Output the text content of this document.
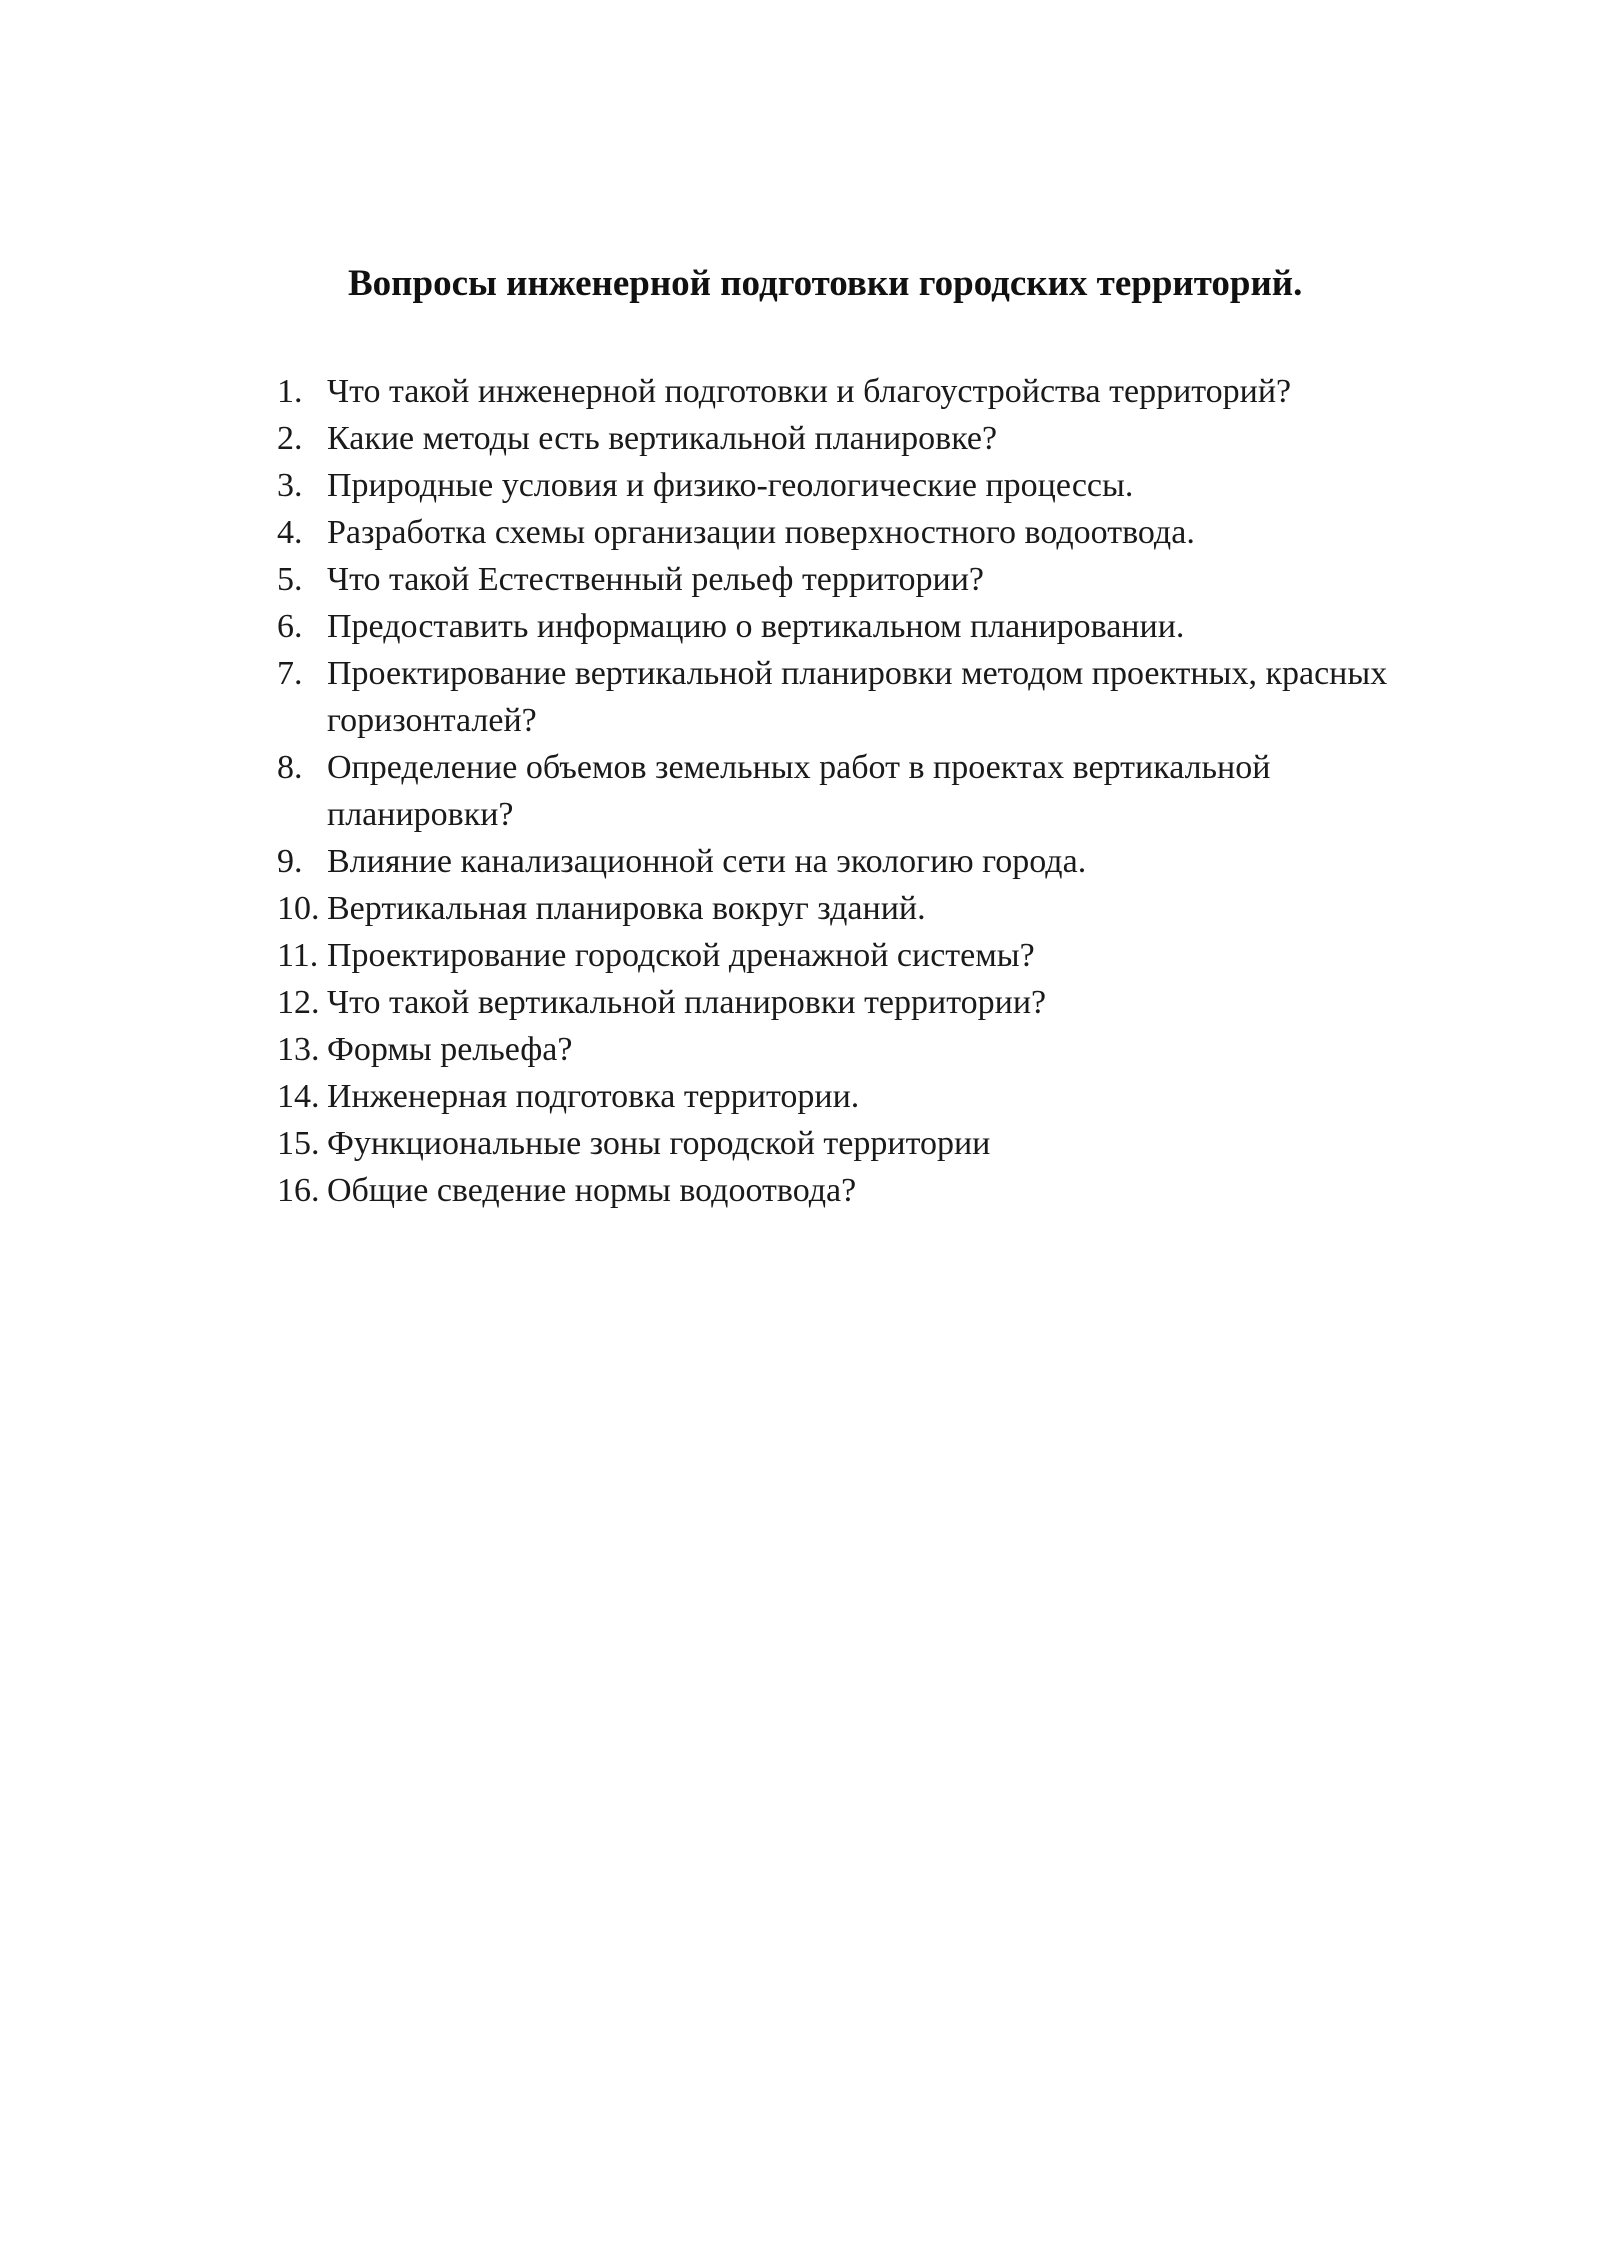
Вопросы инженерной подготовки городских территорий.
1. Что такой инженерной подготовки и благоустройства территорий?
2. Какие методы есть вертикальной планировке?
3. Природные условия и физико-геологические процессы.
4. Разработка схемы организации поверхностного водоотвода.
5. Что такой Естественный рельеф территории?
6. Предоставить информацию о вертикальном планировании.
7. Проектирование вертикальной планировки методом проектных, красных горизонталей?
8. Определение объемов земельных работ в проектах вертикальной планировки?
9. Влияние канализационной сети на экологию города.
10. Вертикальная планировка вокруг зданий.
11. Проектирование городской дренажной системы?
12. Что такой вертикальной планировки территории?
13. Формы рельефа?
14. Инженерная подготовка территории.
15. Функциональные зоны городской территории
16. Общие сведение нормы водоотвода?
